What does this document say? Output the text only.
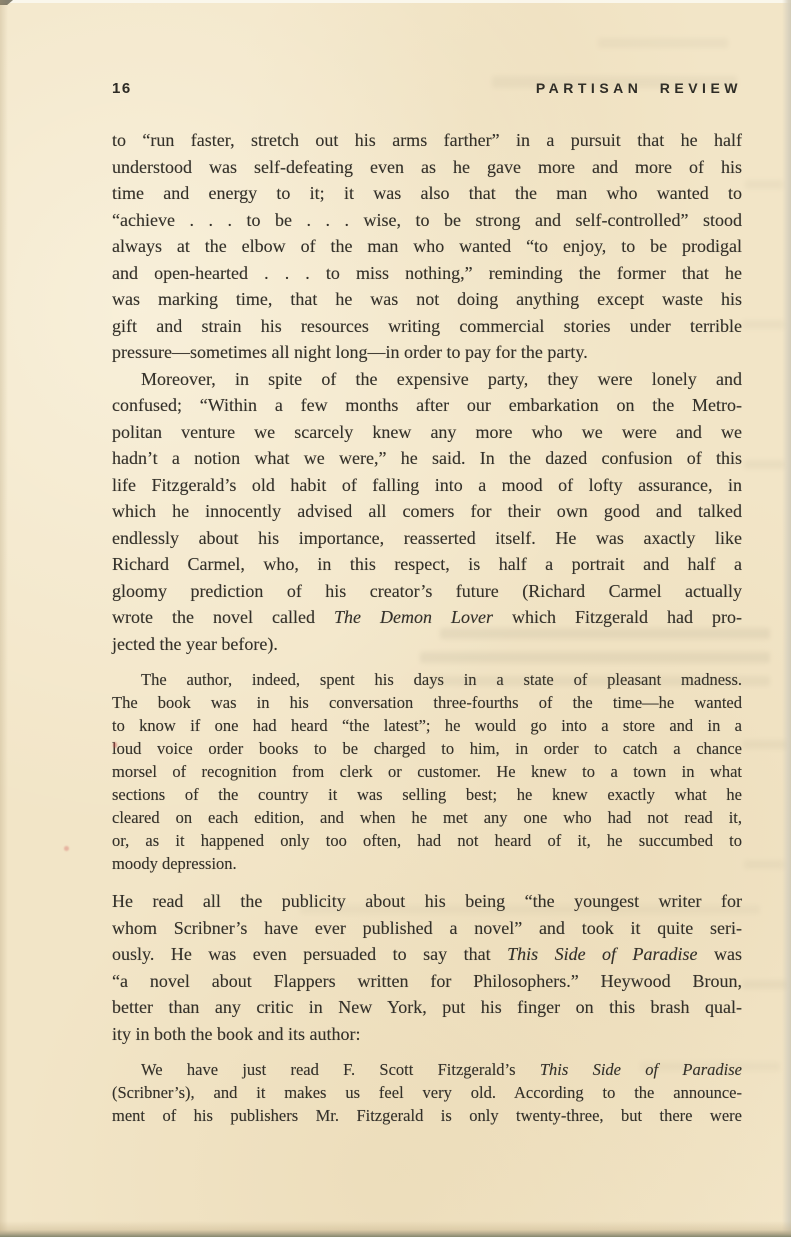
16	PARTISAN REVIEW
to “run faster, stretch out his arms farther” in a pursuit that he half
understood was self-defeating even as he gave more and more of his
time and energy to it; it was also that the man who wanted to
“achieve . . . to be . . . wise, to be strong and self-controlled” stood
always at the elbow of the man who wanted “to enjoy, to be prodigal
and open-hearted . . . to miss nothing,” reminding the former that he
was marking time, that he was not doing anything except waste his
gift and strain his resources writing commercial stories under terrible
pressure—sometimes all night long—in order to pay for the party.
Moreover, in spite of the expensive party, they were lonely and
confused; “Within a few months after our embarkation on the Metro-
politan venture we scarcely knew any more who we were and we
hadn’t a notion what we were,” he said. In the dazed confusion of this
life Fitzgerald’s old habit of falling into a mood of lofty assurance, in
which he innocently advised all comers for their own good and talked
endlessly about his importance, reasserted itself. He was axactly like
Richard Carmel, who, in this respect, is half a portrait and half a
gloomy prediction of his creator’s future (Richard Carmel actually
wrote the novel called The Demon Lover which Fitzgerald had pro-
jected the year before).
The author, indeed, spent his days in a state of pleasant madness.
The book was in his conversation three-fourths of the time—he wanted
to know if one had heard “the latest”; he would go into a store and in a
loud voice order books to be charged to him, in order to catch a chance
morsel of recognition from clerk or customer. He knew to a town in what
sections of the country it was selling best; he knew exactly what he
cleared on each edition, and when he met any one who had not read it,
or, as it happened only too often, had not heard of it, he succumbed to
moody depression.
He read all the publicity about his being “the youngest writer for
whom Scribner’s have ever published a novel” and took it quite seri-
ously. He was even persuaded to say that This Side of Paradise was
“a novel about Flappers written for Philosophers.” Heywood Broun,
better than any critic in New York, put his finger on this brash qual-
ity in both the book and its author:
We have just read F. Scott Fitzgerald’s This Side of Paradise
(Scribner’s), and it makes us feel very old. According to the announce-
ment of his publishers Mr. Fitzgerald is only twenty-three, but there were
